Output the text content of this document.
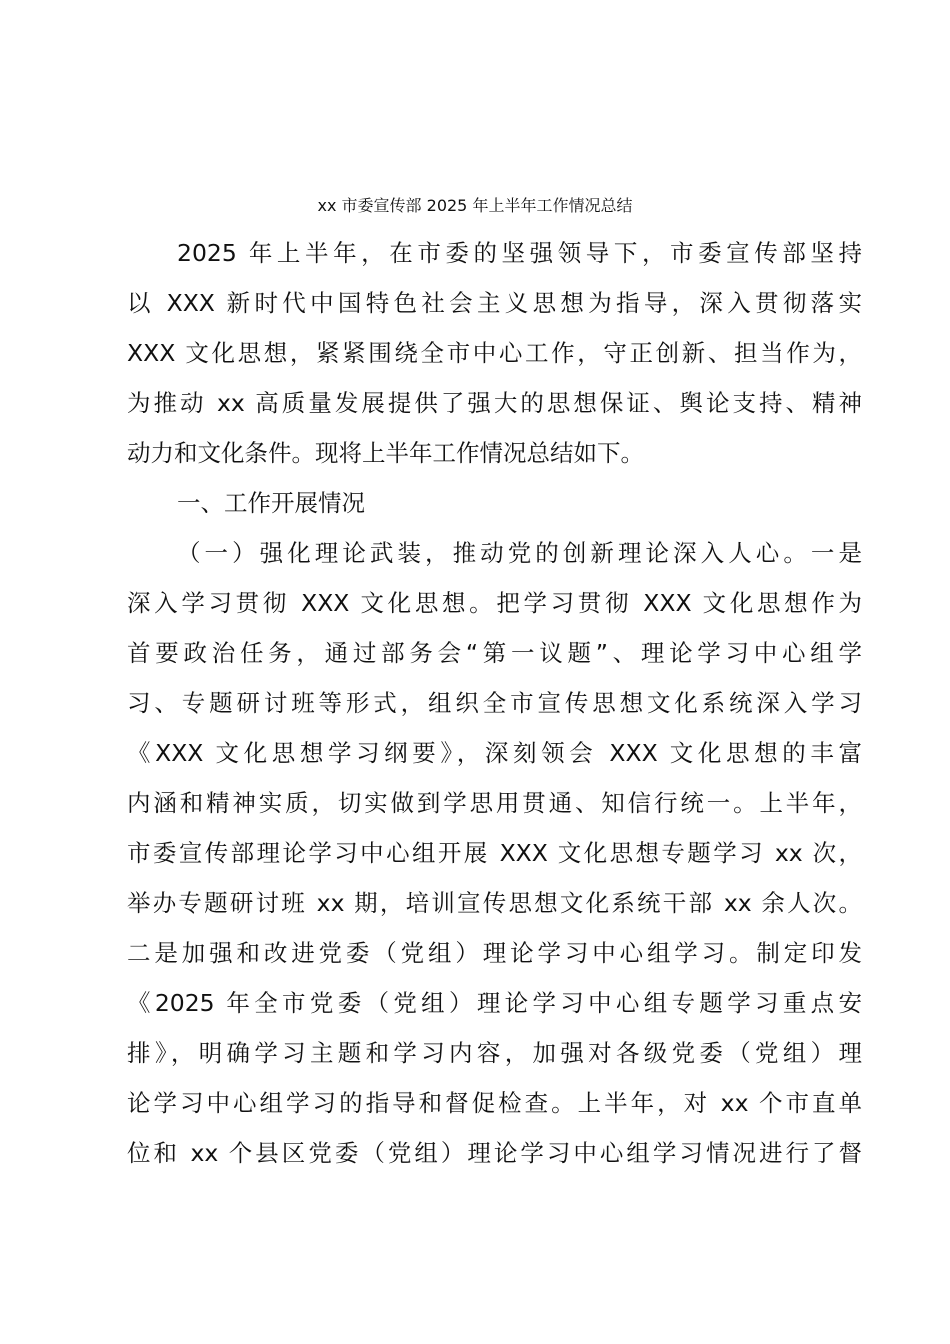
xx 市委宣传部 2025 年上半年工作情况总结
2025 年上半年，在市委的坚强领导下，市委宣传部坚持
以 XXX 新时代中国特色社会主义思想为指导，深入贯彻落实
XXX 文化思想，紧紧围绕全市中心工作，守正创新、担当作为，
为推动 xx 高质量发展提供了强大的思想保证、舆论支持、精神
动力和文化条件。现将上半年工作情况总结如下。
一、工作开展情况
（一）强化理论武装，推动党的创新理论深入人心。一是
深入学习贯彻 XXX 文化思想。把学习贯彻 XXX 文化思想作为
首要政治任务，通过部务会“第一议题”、理论学习中心组学
习、专题研讨班等形式，组织全市宣传思想文化系统深入学习
《XXX 文化思想学习纲要》，深刻领会 XXX 文化思想的丰富
内涵和精神实质，切实做到学思用贯通、知信行统一。上半年，
市委宣传部理论学习中心组开展 XXX 文化思想专题学习 xx 次，
举办专题研讨班 xx 期，培训宣传思想文化系统干部 xx 余人次。
二是加强和改进党委（党组）理论学习中心组学习。制定印发
《2025 年全市党委（党组）理论学习中心组专题学习重点安
排》，明确学习主题和学习内容，加强对各级党委（党组）理
论学习中心组学习的指导和督促检查。上半年，对 xx 个市直单
位和 xx 个县区党委（党组）理论学习中心组学习情况进行了督
